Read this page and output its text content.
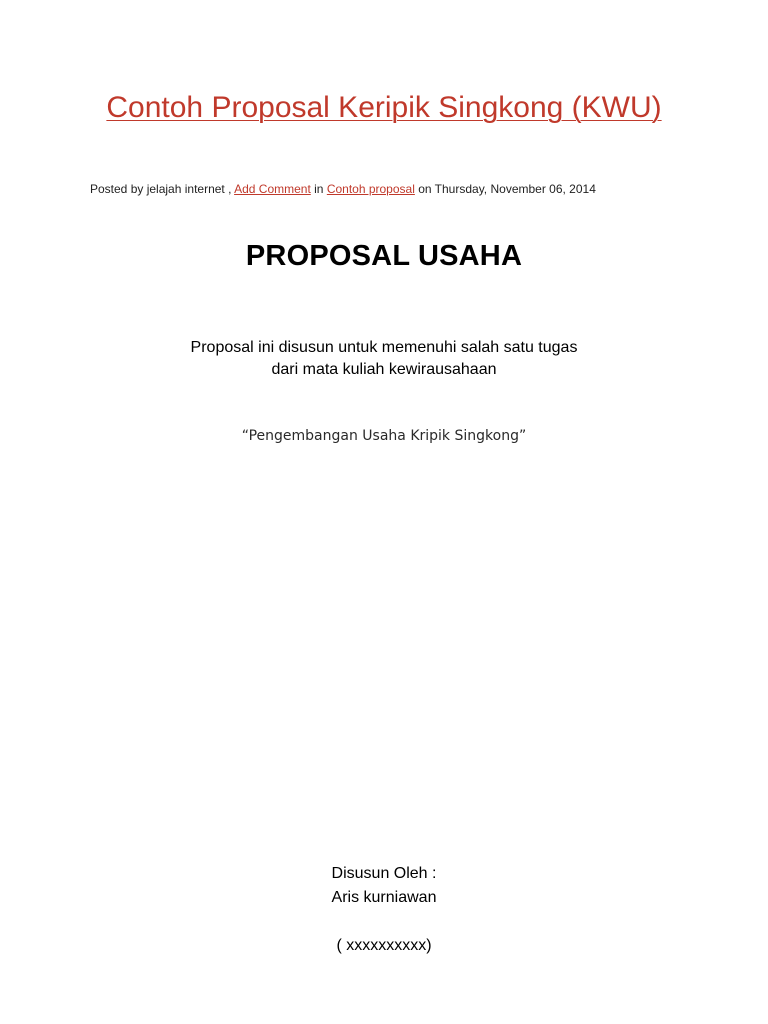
Contoh Proposal Keripik Singkong (KWU)
Posted by jelajah internet , Add Comment in Contoh proposal on Thursday, November 06, 2014
PROPOSAL USAHA

Proposal ini disusun untuk memenuhi salah satu tugas
dari mata kuliah kewirausahaan

“Pengembangan Usaha Kripik Singkong”

Disusun Oleh :
Aris kurniawan
( xxxxxxxxxx)
